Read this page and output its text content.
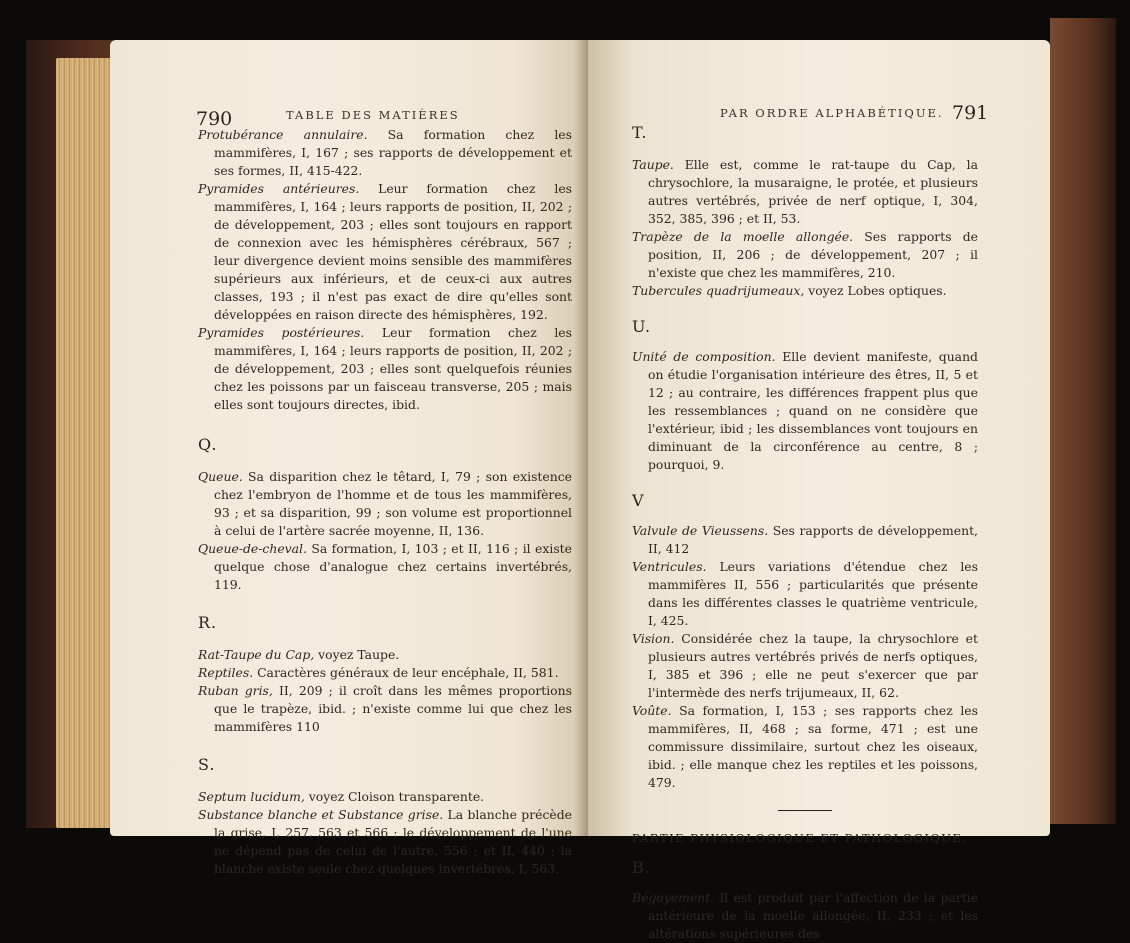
790	TABLE DES MATIÈRES

Protubérance annulaire. Sa formation chez les mammifères, I, 167 ; ses rapports de développement et ses formes, II, 415-422.

Pyramides antérieures. Leur formation chez les mammifères, I, 164 ; leurs rapports de position, II, 202 ; de développement, 203 ; elles sont toujours en rapport de connexion avec les hémisphères cérébraux, 567 ; leur divergence devient moins sensible des mammifères supérieurs aux inférieurs, et de ceux-ci aux autres classes, 193 ; il n'est pas exact de dire qu'elles sont développées en raison directe des hémisphères, 192.

Pyramides postérieures. Leur formation chez les mammifères, I, 164 ; leurs rapports de position, II, 202 ; de développement, 203 ; elles sont quelquefois réunies chez les poissons par un faisceau transverse, 205 ; mais elles sont toujours directes, ibid.

Q.

Queue. Sa disparition chez le têtard, I, 79 ; son existence chez l'embryon de l'homme et de tous les mammifères, 93 ; et sa disparition, 99 ; son volume est proportionnel à celui de l'artère sacrée moyenne, II, 136.

Queue-de-cheval. Sa formation, I, 103 ; et II, 116 ; il existe quelque chose d'analogue chez certains invertébrés, 119.

R.

Rat-Taupe du Cap, voyez Taupe.

Reptiles. Caractères généraux de leur encéphale, II, 581.

Ruban gris, II, 209 ; il croît dans les mêmes proportions que le trapèze, ibid. ; n'existe comme lui que chez les mammifères 110

S.

Septum lucidum, voyez Cloison transparente.

Substance blanche et Substance grise. La blanche précède la grise, I, 257, 563 et 566 ; le développement de l'une ne dépend pas de celui de l'autre, 556 ; et II, 440 ; la blanche existe seule chez quelques invertébrés, I, 563.

PAR ORDRE ALPHABÉTIQUE. 791

T.

Taupe. Elle est, comme le rat-taupe du Cap, la chrysochlore, la musaraigne, le protée, et plusieurs autres vertébrés, privée de nerf optique, I, 304, 352, 385, 396 ; et II, 53.

Trapèze de la moelle allongée. Ses rapports de position, II, 206 ; de développement, 207 ; il n'existe que chez les mammifères, 210.

Tubercules quadrijumeaux, voyez Lobes optiques.

U.

Unité de composition. Elle devient manifeste, quand on étudie l'organisation intérieure des êtres, II, 5 et 12 ; au contraire, les différences frappent plus que les ressemblances ; quand on ne considère que l'extérieur, ibid ; les dissemblances vont toujours en diminuant de la circonférence au centre, 8 ; pourquoi, 9.

V

Valvule de Vieussens. Ses rapports de développement, II, 412

Ventricules. Leurs variations d'étendue chez les mammifères II, 556 ; particularités que présente dans les différentes classes le quatrième ventricule, I, 425.

Vision. Considérée chez la taupe, la chrysochlore et plusieurs autres vertébrés privés de nerfs optiques, I, 385 et 396 ; elle ne peut s'exercer que par l'intermède des nerfs trijumeaux, II, 62.

Voûte. Sa formation, I, 153 ; ses rapports chez les mammifères, II, 468 ; sa forme, 471 ; est une commissure dissimilaire, surtout chez les oiseaux, ibid. ; elle manque chez les reptiles et les poissons, 479.

PARTIE PHYSIOLOGIQUE ET PATHOLOGIQUE.

B.

Bégayement. Il est produit par l'affection de la partie antérieure de la moelle allongée, II, 233 ; et les altérations supérieures des
